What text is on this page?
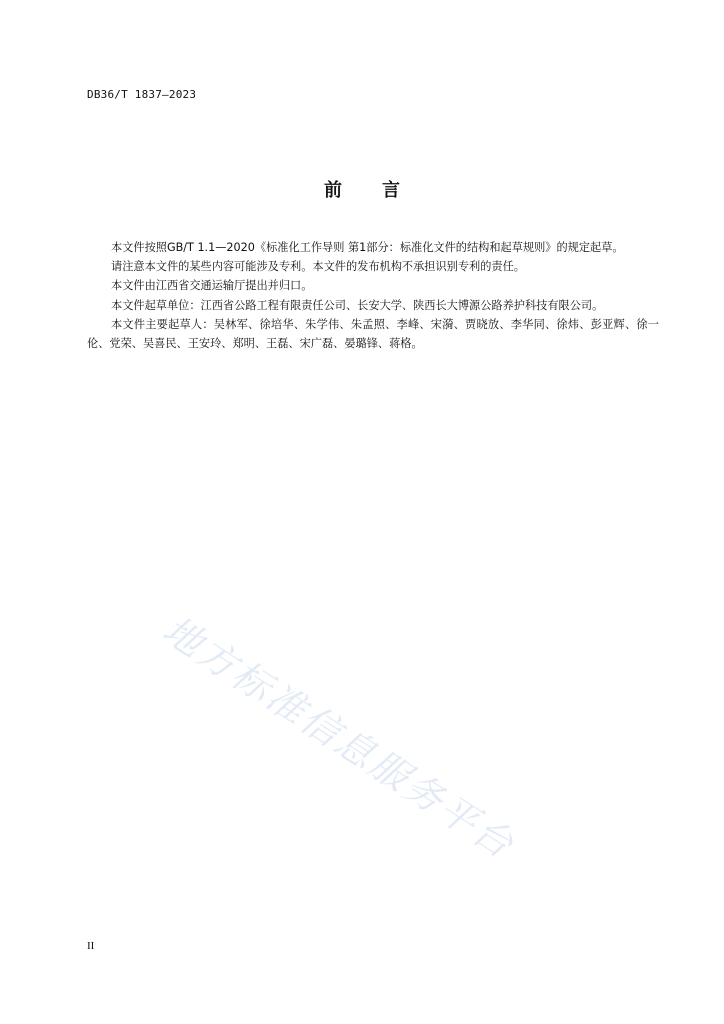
DB36/T 1837—2023
前 言

本文件按照GB/T 1.1—2020《标准化工作导则 第1部分：标准化文件的结构和起草规则》的规定起草。

请注意本文件的某些内容可能涉及专利。本文件的发布机构不承担识别专利的责任。

本文件由江西省交通运输厅提出并归口。

本文件起草单位：江西省公路工程有限责任公司、长安大学、陕西长大博源公路养护科技有限公司。

本文件主要起草人：吴林军、徐培华、朱学伟、朱孟照、李峰、宋漪、贾晓放、李华同、徐炜、彭亚辉、徐一伦、党荣、吴喜民、王安玲、郑明、王磊、宋广磊、晏璐锋、蒋格。

地方标准信息服务平台
II
